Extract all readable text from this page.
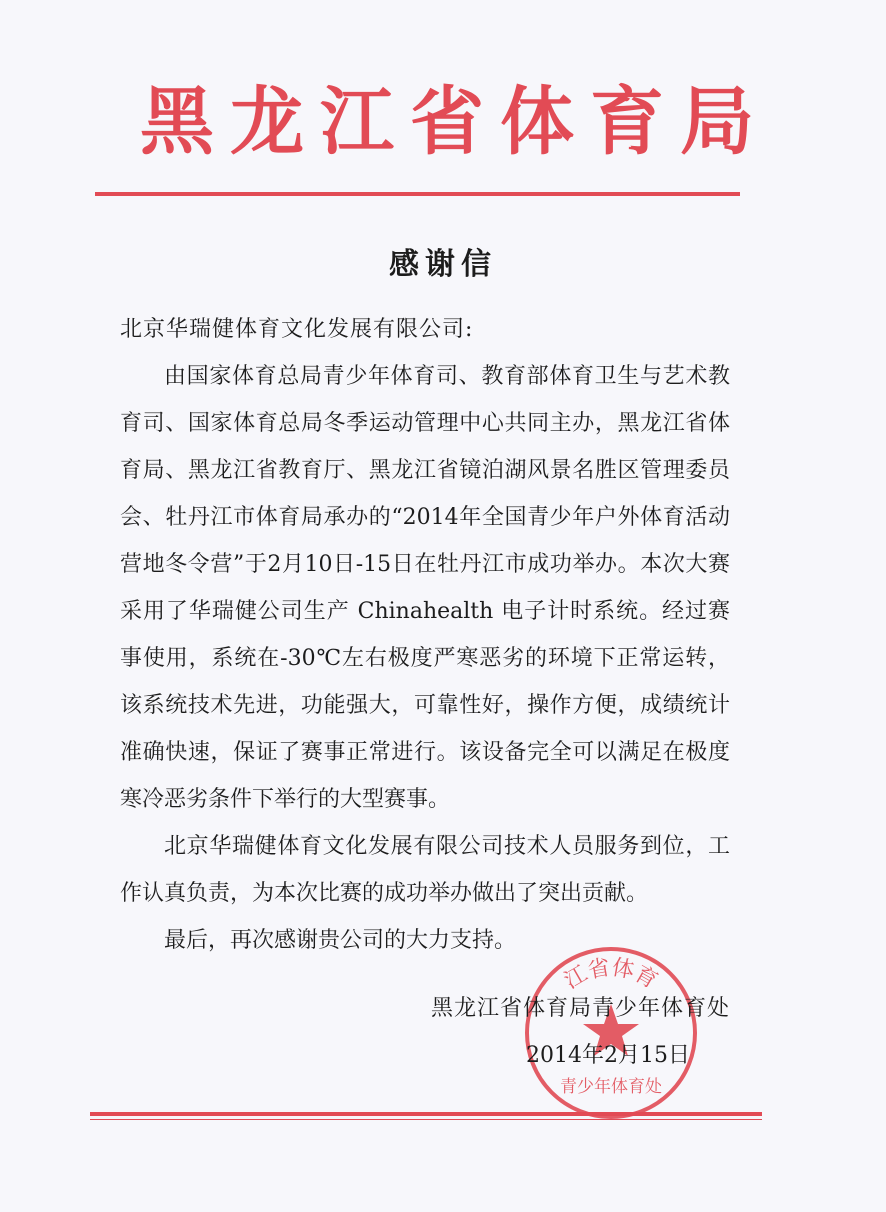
黑龙江省体育局
感谢信

北京华瑞健体育文化发展有限公司:

由国家体育总局青少年体育司、教育部体育卫生与艺术教育司、国家体育总局冬季运动管理中心共同主办，黑龙江省体育局、黑龙江省教育厅、黑龙江省镜泊湖风景名胜区管理委员会、牡丹江市体育局承办的“2014年全国青少年户外体育活动营地冬令营”于2月10日-15日在牡丹江市成功举办。本次大赛采用了华瑞健公司生产 Chinahealth 电子计时系统。经过赛事使用，系统在-30℃左右极度严寒恶劣的环境下正常运转，该系统技术先进，功能强大，可靠性好，操作方便，成绩统计准确快速，保证了赛事正常进行。该设备完全可以满足在极度寒冷恶劣条件下举行的大型赛事。

北京华瑞健体育文化发展有限公司技术人员服务到位，工作认真负责，为本次比赛的成功举办做出了突出贡献。

最后，再次感谢贵公司的大力支持。

江省体育
青少年体育处
黑龙江省体育局青少年体育处
2014年2月15日
